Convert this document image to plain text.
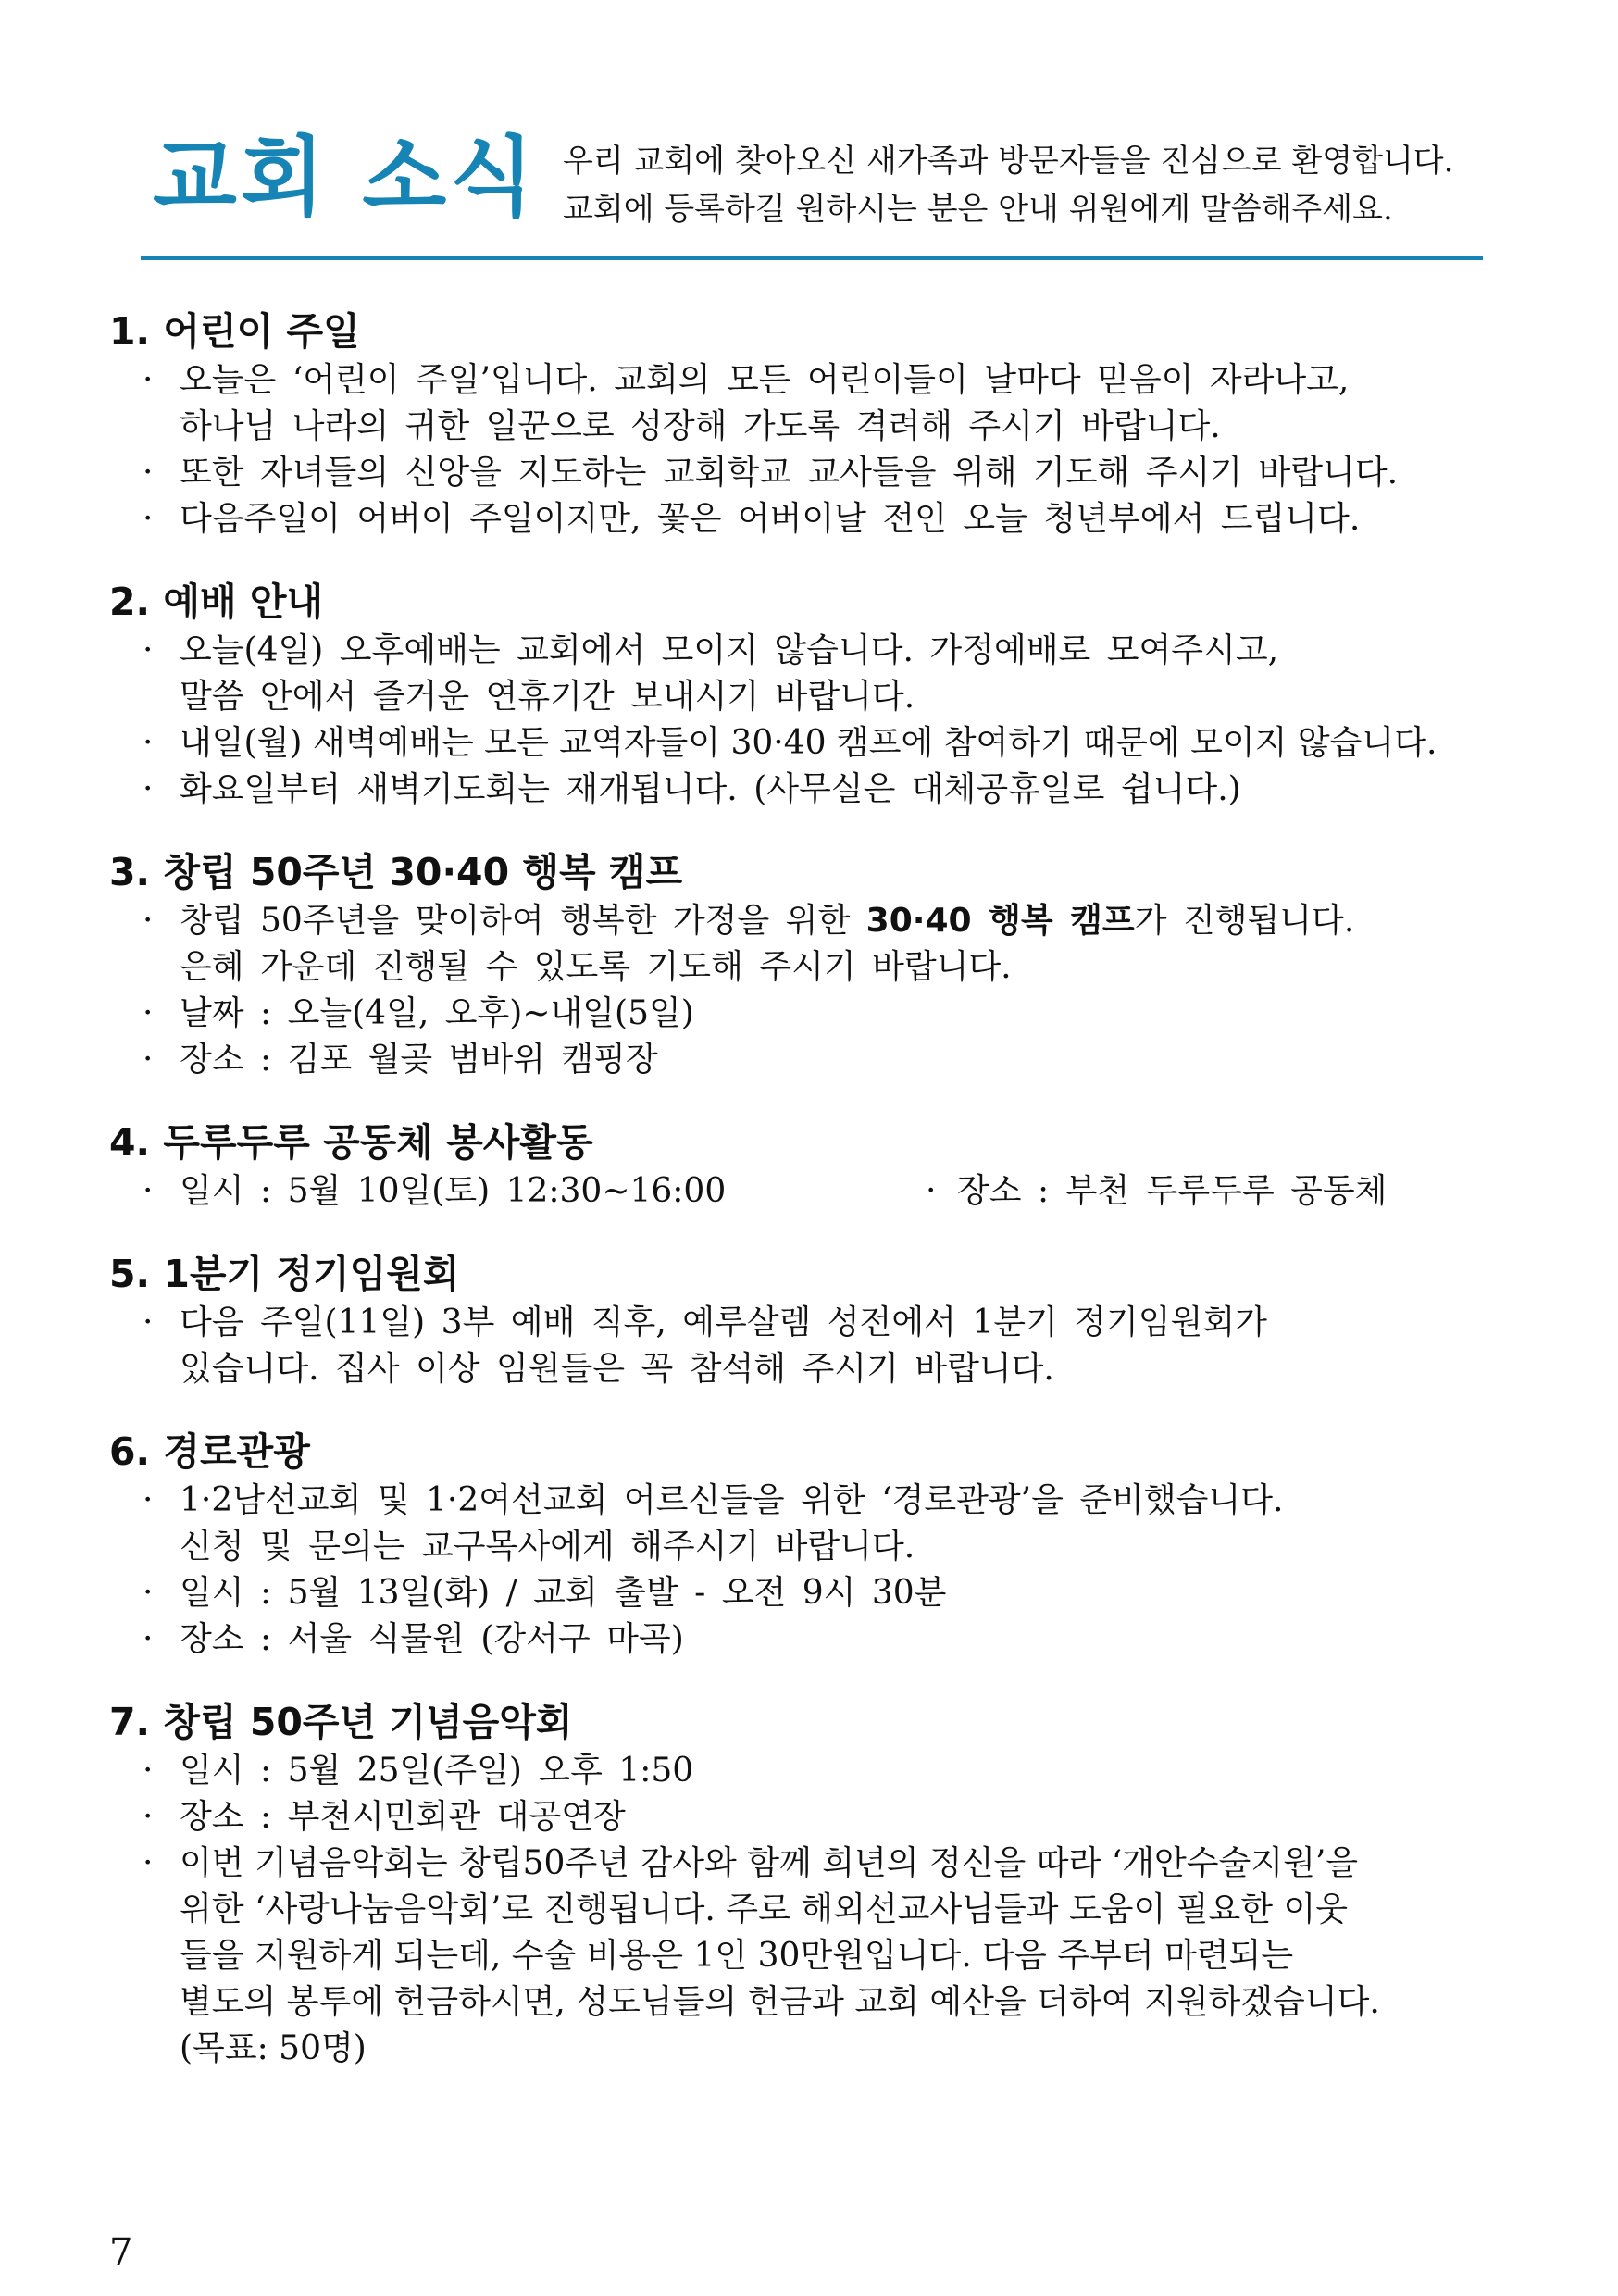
교회 소식 우리 교회에 찾아오신 새가족과 방문자들을 진심으로 환영합니다.
교회에 등록하길 원하시는 분은 안내 위원에게 말씀해주세요.
1. 어린이 주일
· 오늘은 ‘어린이 주일’입니다. 교회의 모든 어린이들이 날마다 믿음이 자라나고,
하나님 나라의 귀한 일꾼으로 성장해 가도록 격려해 주시기 바랍니다.
· 또한 자녀들의 신앙을 지도하는 교회학교 교사들을 위해 기도해 주시기 바랍니다.
· 다음주일이 어버이 주일이지만, 꽃은 어버이날 전인 오늘 청년부에서 드립니다.
2. 예배 안내
· 오늘(4일) 오후예배는 교회에서 모이지 않습니다. 가정예배로 모여주시고,
말씀 안에서 즐거운 연휴기간 보내시기 바랍니다.
· 내일(월) 새벽예배는 모든 교역자들이 30·40 캠프에 참여하기 때문에 모이지 않습니다.
· 화요일부터 새벽기도회는 재개됩니다. (사무실은 대체공휴일로 쉽니다.)
3. 창립 50주년 30·40 행복 캠프
· 창립 50주년을 맞이하여 행복한 가정을 위한 30·40 행복 캠프가 진행됩니다.
은혜 가운데 진행될 수 있도록 기도해 주시기 바랍니다.
· 날짜 : 오늘(4일, 오후)~내일(5일)
· 장소 : 김포 월곶 범바위 캠핑장
4. 두루두루 공동체 봉사활동
· 일시 : 5월 10일(토) 12:30~16:00	· 장소 : 부천 두루두루 공동체
5. 1분기 정기임원회
· 다음 주일(11일) 3부 예배 직후, 예루살렘 성전에서 1분기 정기임원회가
있습니다. 집사 이상 임원들은 꼭 참석해 주시기 바랍니다.
6. 경로관광
· 1·2남선교회 및 1·2여선교회 어르신들을 위한 ‘경로관광’을 준비했습니다.
신청 및 문의는 교구목사에게 해주시기 바랍니다.
· 일시 : 5월 13일(화) / 교회 출발 - 오전 9시 30분
· 장소 : 서울 식물원 (강서구 마곡)
7. 창립 50주년 기념음악회
· 일시 : 5월 25일(주일) 오후 1:50
· 장소 : 부천시민회관 대공연장
· 이번 기념음악회는 창립50주년 감사와 함께 희년의 정신을 따라 ‘개안수술지원’을
위한 ‘사랑나눔음악회’로 진행됩니다. 주로 해외선교사님들과 도움이 필요한 이웃
들을 지원하게 되는데, 수술 비용은 1인 30만원입니다. 다음 주부터 마련되는
별도의 봉투에 헌금하시면, 성도님들의 헌금과 교회 예산을 더하여 지원하겠습니다.
(목표: 50명)
7
